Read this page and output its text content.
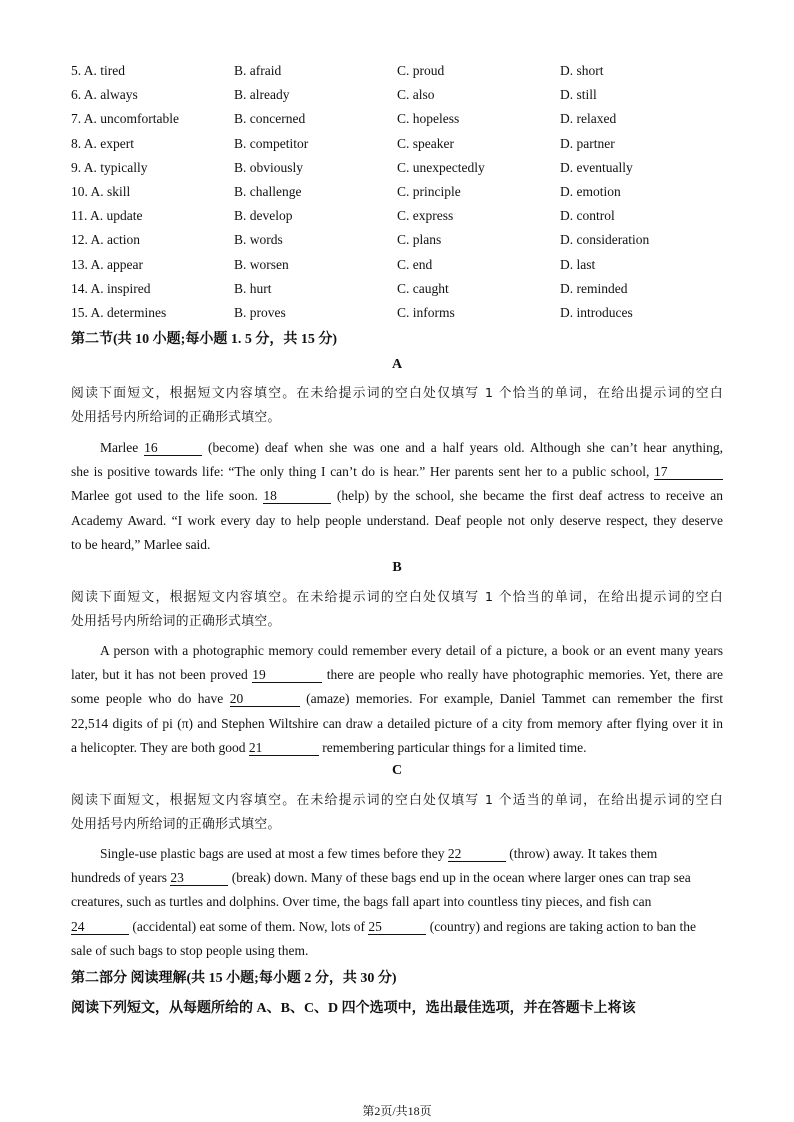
5. A. tired	B. afraid	C. proud	D. short
6. A. always	B. already	C. also	D. still
7. A. uncomfortable	B. concerned	C. hopeless	D. relaxed
8. A. expert	B. competitor	C. speaker	D. partner
9. A. typically	B. obviously	C. unexpectedly	D. eventually
10. A. skill	B. challenge	C. principle	D. emotion
11. A. update	B. develop	C. express	D. control
12. A. action	B. words	C. plans	D. consideration
13. A. appear	B. worsen	C. end	D. last
14. A. inspired	B. hurt	C. caught	D. reminded
15. A. determines	B. proves	C. informs	D. introduces
第二节(共 10 小题;每小题 1. 5 分，共 15 分)
A
阅读下面短文，根据短文内容填空。在未给提示词的空白处仅填写 1 个恰当的单词，在给出提示词的空白
处用括号内所给词的正确形式填空。
Marlee 16	(become) deaf when she was one and a half years old. Although she can’t hear anything,
she is positive towards life: “The only thing I can’t do is hear.” Her parents sent her to a public school, 17
Marlee got used to the life soon. 18	(help) by the school, she became the first deaf actress to receive an
Academy Award. “I work every day to help people understand. Deaf people not only deserve respect, they deserve
to be heard,” Marlee said.
B
阅读下面短文，根据短文内容填空。在未给提示词的空白处仅填写 1 个恰当的单词，在给出提示词的空白
处用括号内所给词的正确形式填空。
A person with a photographic memory could remember every detail of a picture, a book or an event many years
later, but it has not been proved 19	there are people who really have photographic memories. Yet, there are
some people who do have 20	(amaze) memories. For example, Daniel Tammet can remember the first
22,514 digits of pi (π) and Stephen Wiltshire can draw a detailed picture of a city from memory after flying over it in
a helicopter. They are both good 21	remembering particular things for a limited time.
C
阅读下面短文，根据短文内容填空。在未给提示词的空白处仅填写 1 个适当的单词，在给出提示词的空白
处用括号内所给词的正确形式填空。
Single-use plastic bags are used at most a few times before they 22	(throw) away. It takes them
hundreds of years 23	(break) down. Many of these bags end up in the ocean where larger ones can trap sea
creatures, such as turtles and dolphins. Over time, the bags fall apart into countless tiny pieces, and fish can
24	(accidental) eat some of them. Now, lots of 25	(country) and regions are taking action to ban the
sale of such bags to stop people using them.
第二部分 阅读理解(共 15 小题;每小题 2 分，共 30 分)
阅读下列短文，从每题所给的 A、B、C、D 四个选项中，选出最佳选项，并在答题卡上将该
第2页/共18页
